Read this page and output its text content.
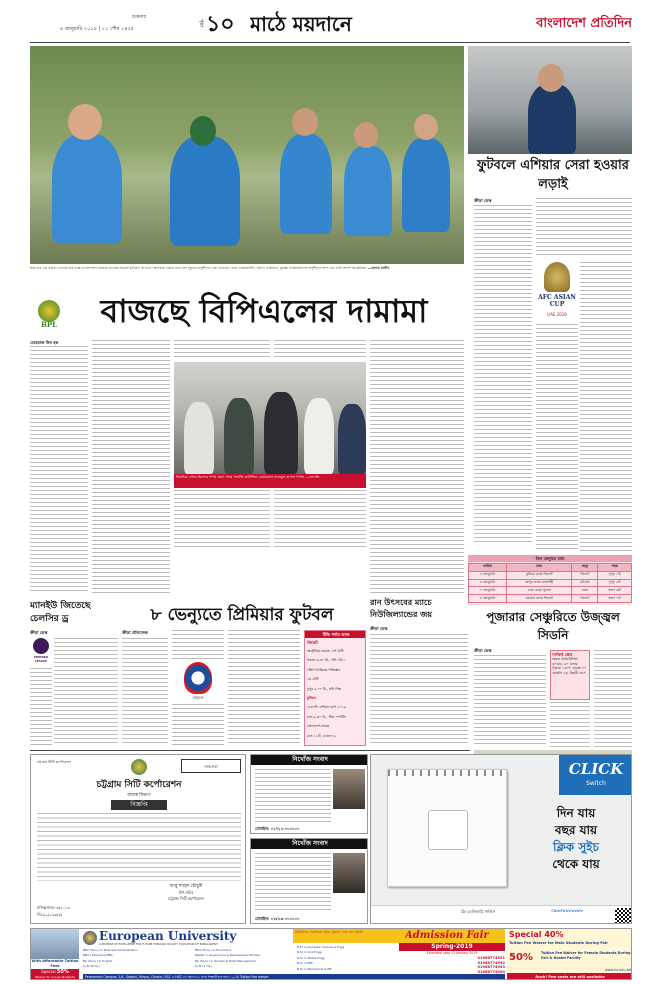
৪ জানুয়ারি ২০১৯ | ২১ পৌষ ১৪২৫
শুক্রবার
পৃষ্ঠা ১০ মাঠে ময়দানে	বাংলাদেশ প্রতিদিন
আর মাত্র এক সপ্তাহ। এরপরই শুরু হচ্ছে বাংলাদেশের সবচেয়ে জনপ্রিয় ক্রিকেট টুর্নামেন্ট বিপিএল। আসরকে সামনে রেখে শেষ মুহূর্তের অনুশীলনে ব্যস্ত দলগুলো। ঢাকা ডায়নামাইটস, চিটাগং ভাইকিংস, কুমিল্লা ভিক্টোরিয়ান্সের অনুশীলনে অংশ নেন দেশি-বিদেশি ক্রিকেটাররা —রোহেত রাজীব
ফুটবলে এশিয়ার সেরা হওয়ার লড়াই
ক্রীড়া ডেস্ক
AFC ASIAN CUP
UAE 2019
BPL	বাজছে বিপিএলের দামামা
মেহেরাজ উল হক
নির্বাচিত প্রধান হিসেবে শপথ গ্রহণ শেষে গভর্নিং কাউন্সিল চেয়ারম্যান নাজমুল হাসান পাপন —জ্যোতি
তিন ভেন্যুতে ম্যাচ
তারিখ	ম্যাচ	ভেন্যু	সময়
৫ জানুয়ারি	কুমিল্লা বনাম সিলেট	সিলেট	দুপুর ১টা
৬ জানুয়ারি	রংপুর বনাম রাজশাহী	চট্টগ্রাম	দুপুর ২টা
৭ জানুয়ারি	ঢাকা বনাম খুলনা	ঢাকা	সন্ধ্যা ৬টা
৮ জানুয়ারি	চট্টগ্রাম বনাম সিলেট	সিলেট	সন্ধ্যা ৭টা
পূজারার সেঞ্চুরিতে উজ্জ্বল সিডনি
ক্রীড়া ডেস্ক
সংক্ষিপ্ত স্কোর
ভারত প্রথম ইনিংস:
৩০৩/৪, ৯০ ওভার
পূজারা ১৩০*, মায়াঙ্ক ৭৭
কোহলি ২৩, বিহারী ৩৯*
রান উৎসবের ম্যাচে নিউজিল্যান্ডের জয়
ক্রীড়া ডেস্ক
ম্যানইউ জিতেছে চেলসির ড্র
ক্রীড়া ডেস্ক
PREMIER LEAGUE
৮ ভেন্যুতে প্রিমিয়ার ফুটবল
ক্রীড়া প্রতিবেদক
বাফুফে
টিভি পর্দায় আজ
ক্রিকেট
অস্ট্রেলিয়া-ভারত, ৪র্থ টেস্ট
সকাল ৬-৩০ মি., সনি টেন ১
দক্ষিণ আফ্রিকা-পাকিস্তান
২য় টেস্ট
দুপুর ২-০০ মি., সনি সিক্স
ফুটবল
এএফসি এশিয়ান কাপ ২০১৯
রাত ৯-৩০ মি., স্টার স্পোর্টস
বাংলাদেশ-ভারত
রাত ১১টা, চ্যানেল ৯
চট্টগ্রাম সিটি কর্পোরেশন
জনসেবা
চট্টগ্রাম সিটি কর্পোরেশন
রাজস্ব বিভাগ
বিজ্ঞপ্তি
আবু শাহেদ চৌধুরী
উপ-সচিব
চট্টগ্রাম সিটি কর্পোরেশন
চসিক/জস/০৬/২০১৯
জি-৯১/১৯৩(৩)
নিখোঁজ সংবাদ
মোবাইল: ০১৭১১-০০০০০০
নিখোঁজ সংবাদ
মোবাইল: ০১৮১৯-০০০০০০
CLICK
Switch
দিন যায়
বছর যায়
ক্লিক সুইচ
থেকে যায়
ফ্রি ডেলিভারি সার্ভিস	০৯৬৩৮৮৮৮৮৮৮
With Affordable Tuition Fees
Special 50%
Waiver for Group Students
European University
A PROMISE OF EXCELLENCE FOR FUTURE THROUGH QUALITY EDUCATION OF BANGLADESH
মডিউলার পদ্ধতিতে পড়ার সুযোগ এবং বেশ সুবিধা	Admission Fair
Spring-2019
Extended upto 12 January 2019
BBA (Hons.) in Business Administration
MBA | Executive MBA
BA (Hons.) in English
LL.B (Hons.)
MSS (Hons.) in Economics
Master in Governance & Development Studies
BA (Hons.) in Tourism & Hotel Management
LL.M (1 Yrs.)
B.Sc in Computer Science & Engg.
B.Sc in Civil Engg.
B.Sc in Textile Engg.
B.Sc in EEE
B.Sc in Mechanical & IPE
01968774951
01968774952
01968774953
01968774950
Permanent Campus: 2/4, Gabtoli, Mirpur, Dhaka | SSC ও HSC তে জিপিএ-৫ প্রাপ্ত শিক্ষার্থীদের জন্য ১০০% Tuition Fee waiver
Special 40%
Tuition Fee Waiver for Male Students During Fair
50%	Tuition Fee Waiver for Female Students During Fair & Hostel Facility
Rush! Few seats are still available
www.eu.edu.bd
